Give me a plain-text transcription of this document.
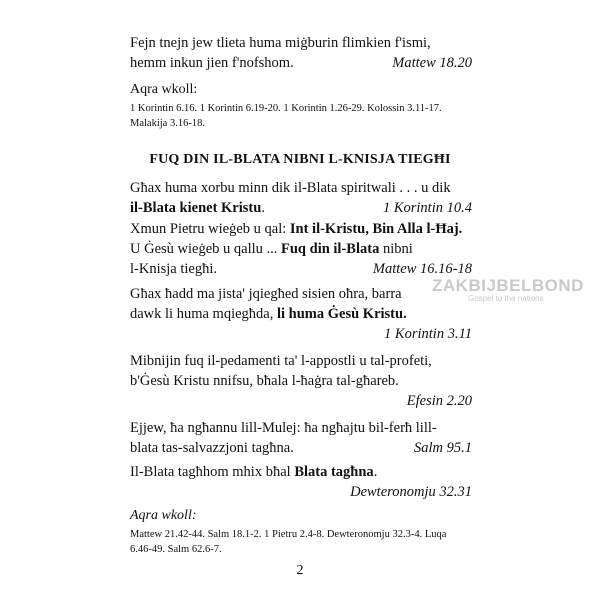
Fejn tnejn jew tlieta huma miġburin flimkien f'ismi,
hemm inkun jien f'nofshom.	Mattew 18.20
Aqra wkoll:
1 Korintin 6.16. 1 Korintin 6.19-20. 1 Korintin 1.26-29. Kolossin 3.11-17.
Malakija 3.16-18.
FUQ DIN IL-BLATA NIBNI L-KNISJA TIEGĦI
Għax huma xorbu minn dik il-Blata spiritwali . . . u dik
il-Blata kienet Kristu.	1 Korintin 10.4
Xmun Pietru wieġeb u qal: Int il-Kristu, Bin Alla l-Ħaj.
U Ġesù wieġeb u qallu ... Fuq din il-Blata nibni
l-Knisja tiegħi.	Mattew 16.16-18
Għax ħadd ma jista' jqiegħed sisien oħra, barra
dawk li huma mqiegħda, li huma Ġesù Kristu.
1 Korintin 3.11

Mibnijin fuq il-pedamenti ta' l-appostli u tal-profeti,
b'Ġesù Kristu nnifsu, bħala l-ħaġra tal-għareb.
Efesin 2.20

Ejjew, ħa ngħannu lill-Mulej: ħa ngħajtu bil-ferħ lill-
blata tas-salvazzjoni tagħna.	Salm 95.1
Il-Blata tagħhom mhix bħal Blata tagħna.
Dewteronomju 32.31

Aqra wkoll:
Mattew 21.42-44. Salm 18.1-2. 1 Pietru 2.4-8. Dewteronomju 32.3-4. Luqa
6.46-49. Salm 62.6-7.
ZAKBIJBELBOND
Gospel to the nations
2
